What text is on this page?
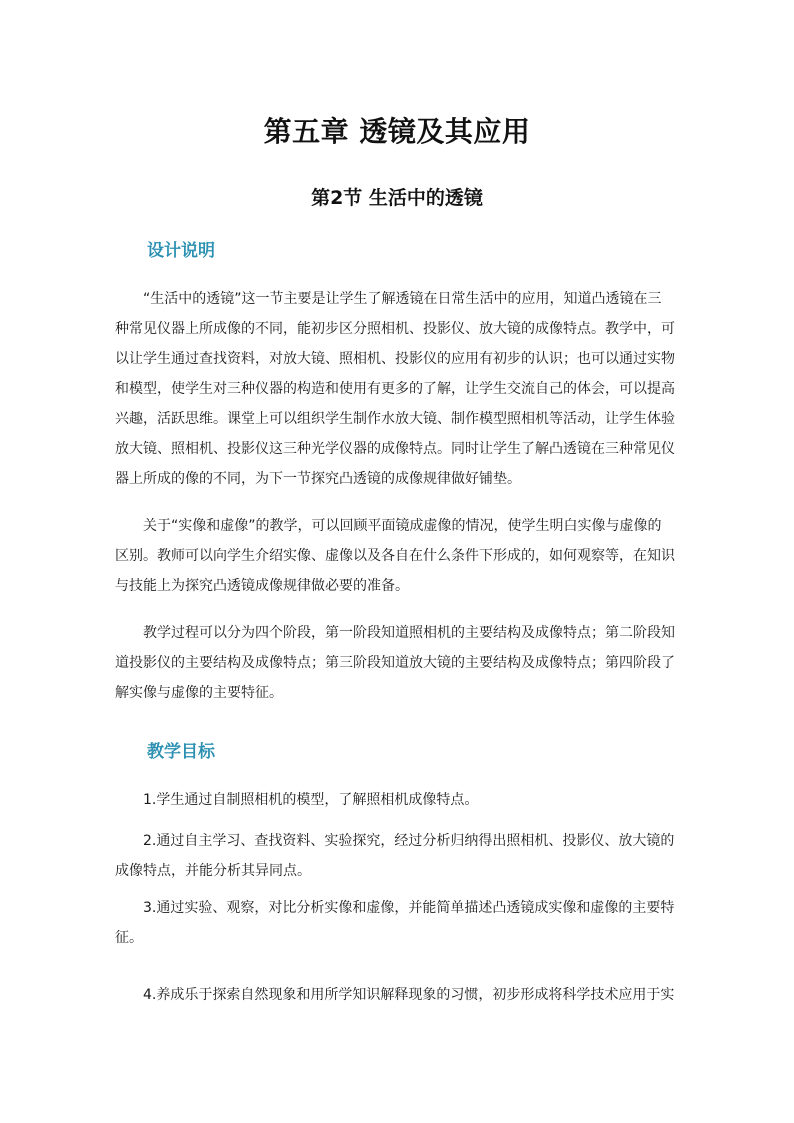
第五章 透镜及其应用
第2节 生活中的透镜
设计说明
“生活中的透镜”这一节主要是让学生了解透镜在日常生活中的应用，知道凸透镜在三
种常见仪器上所成像的不同，能初步区分照相机、投影仪、放大镜的成像特点。教学中，可
以让学生通过查找资料，对放大镜、照相机、投影仪的应用有初步的认识；也可以通过实物
和模型，使学生对三种仪器的构造和使用有更多的了解，让学生交流自己的体会，可以提高
兴趣，活跃思维。课堂上可以组织学生制作水放大镜、制作模型照相机等活动，让学生体验
放大镜、照相机、投影仪这三种光学仪器的成像特点。同时让学生了解凸透镜在三种常见仪
器上所成的像的不同，为下一节探究凸透镜的成像规律做好铺垫。
关于“实像和虚像”的教学，可以回顾平面镜成虚像的情况，使学生明白实像与虚像的
区别。教师可以向学生介绍实像、虚像以及各自在什么条件下形成的，如何观察等，在知识
与技能上为探究凸透镜成像规律做必要的准备。
教学过程可以分为四个阶段，第一阶段知道照相机的主要结构及成像特点；第二阶段知
道投影仪的主要结构及成像特点；第三阶段知道放大镜的主要结构及成像特点；第四阶段了
解实像与虚像的主要特征。
教学目标
1.学生通过自制照相机的模型，了解照相机成像特点。
2.通过自主学习、查找资料、实验探究，经过分析归纳得出照相机、投影仪、放大镜的
成像特点，并能分析其异同点。
3.通过实验、观察，对比分析实像和虚像，并能简单描述凸透镜成实像和虚像的主要特
征。
4.养成乐于探索自然现象和用所学知识解释现象的习惯，初步形成将科学技术应用于实
